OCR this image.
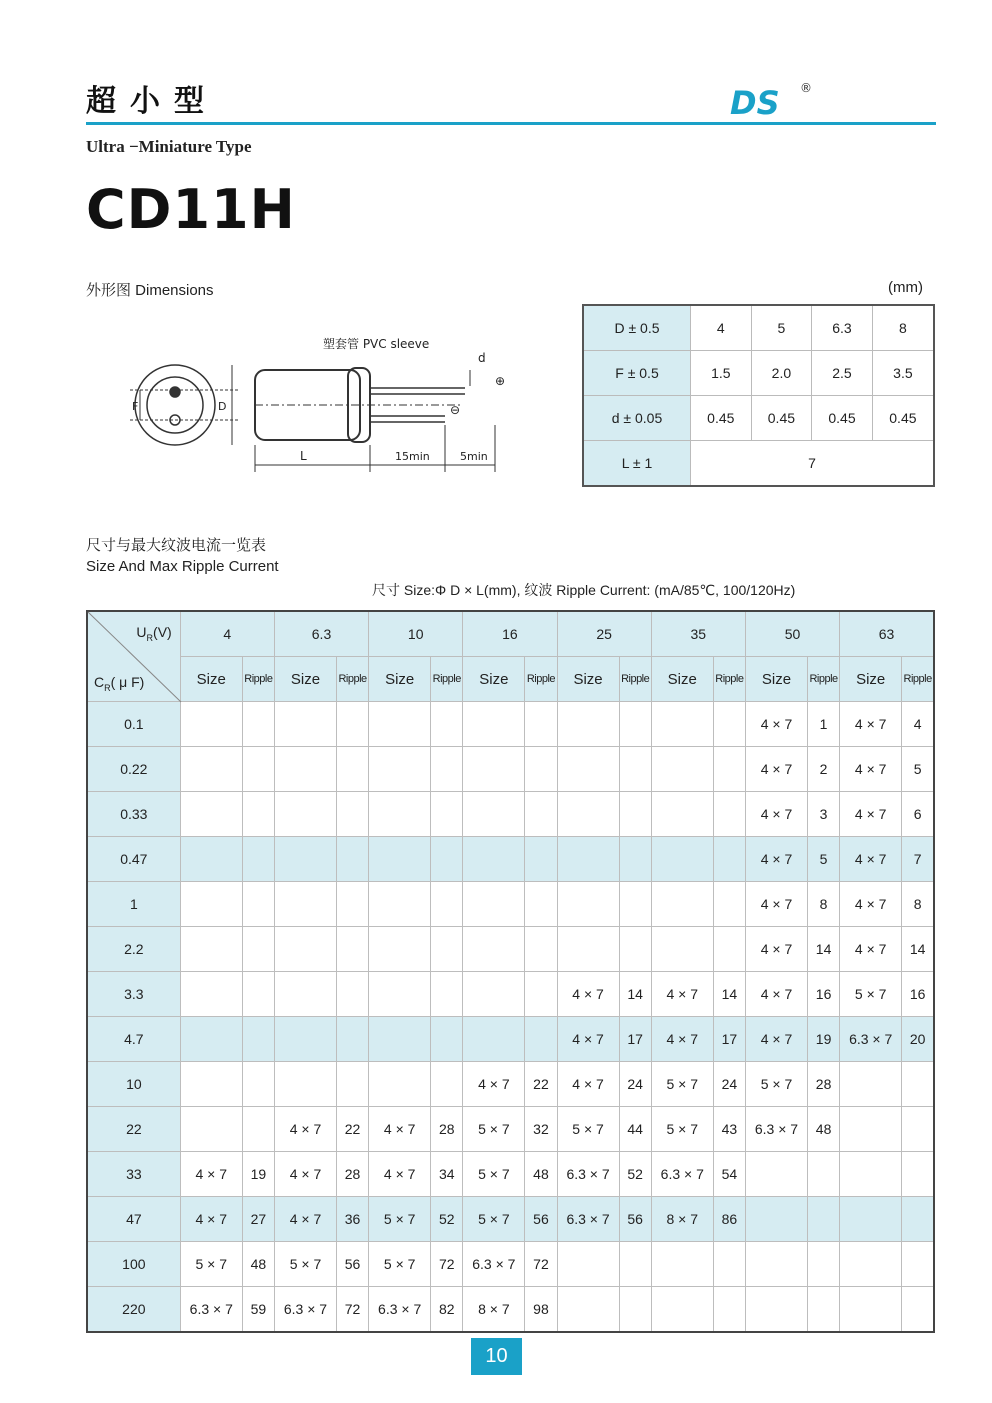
超小型	DS ®
Ultra −Miniature Type
CD11H
外形图 Dimensions	(mm)
塑套管 PVC sleeve
d
⊕
⊖
F	D
L	15min	5min
D ± 0.5	4	5	6.3	8
F ± 0.5	1.5	2.0	2.5	3.5
d ± 0.05	0.45	0.45	0.45	0.45
L ± 1	7			
尺寸与最大纹波电流一览表
Size And Max Ripple Current
尺寸 Size:Φ D × L(mm), 纹波 Ripple Current: (mA/85℃, 100/120Hz)
$U_R(V)$
$C_R$( μ F)	4		6.3		10		16		25		35		50		63	
	Size	Ripple	Size	Ripple	Size	Ripple	Size	Ripple	Size	Ripple	Size	Ripple	Size	Ripple	Size	Ripple
0.1													4 × 7	1	4 × 7	4
0.22													4 × 7	2	4 × 7	5
0.33													4 × 7	3	4 × 7	6
0.47													4 × 7	5	4 × 7	7
1													4 × 7	8	4 × 7	8
2.2													4 × 7	14	4 × 7	14
3.3									4 × 7	14	4 × 7	14	4 × 7	16	5 × 7	16
4.7									4 × 7	17	4 × 7	17	4 × 7	19	6.3 × 7	20
10							4 × 7	22	4 × 7	24	5 × 7	24	5 × 7	28		
22			4 × 7	22	4 × 7	28	5 × 7	32	5 × 7	44	5 × 7	43	6.3 × 7	48		
33	4 × 7	19	4 × 7	28	4 × 7	34	5 × 7	48	6.3 × 7	52	6.3 × 7	54				
47	4 × 7	27	4 × 7	36	5 × 7	52	5 × 7	56	6.3 × 7	56	8 × 7	86				
100	5 × 7	48	5 × 7	56	5 × 7	72	6.3 × 7	72								
220	6.3 × 7	59	6.3 × 7	72	6.3 × 7	82	8 × 7	98								
10
